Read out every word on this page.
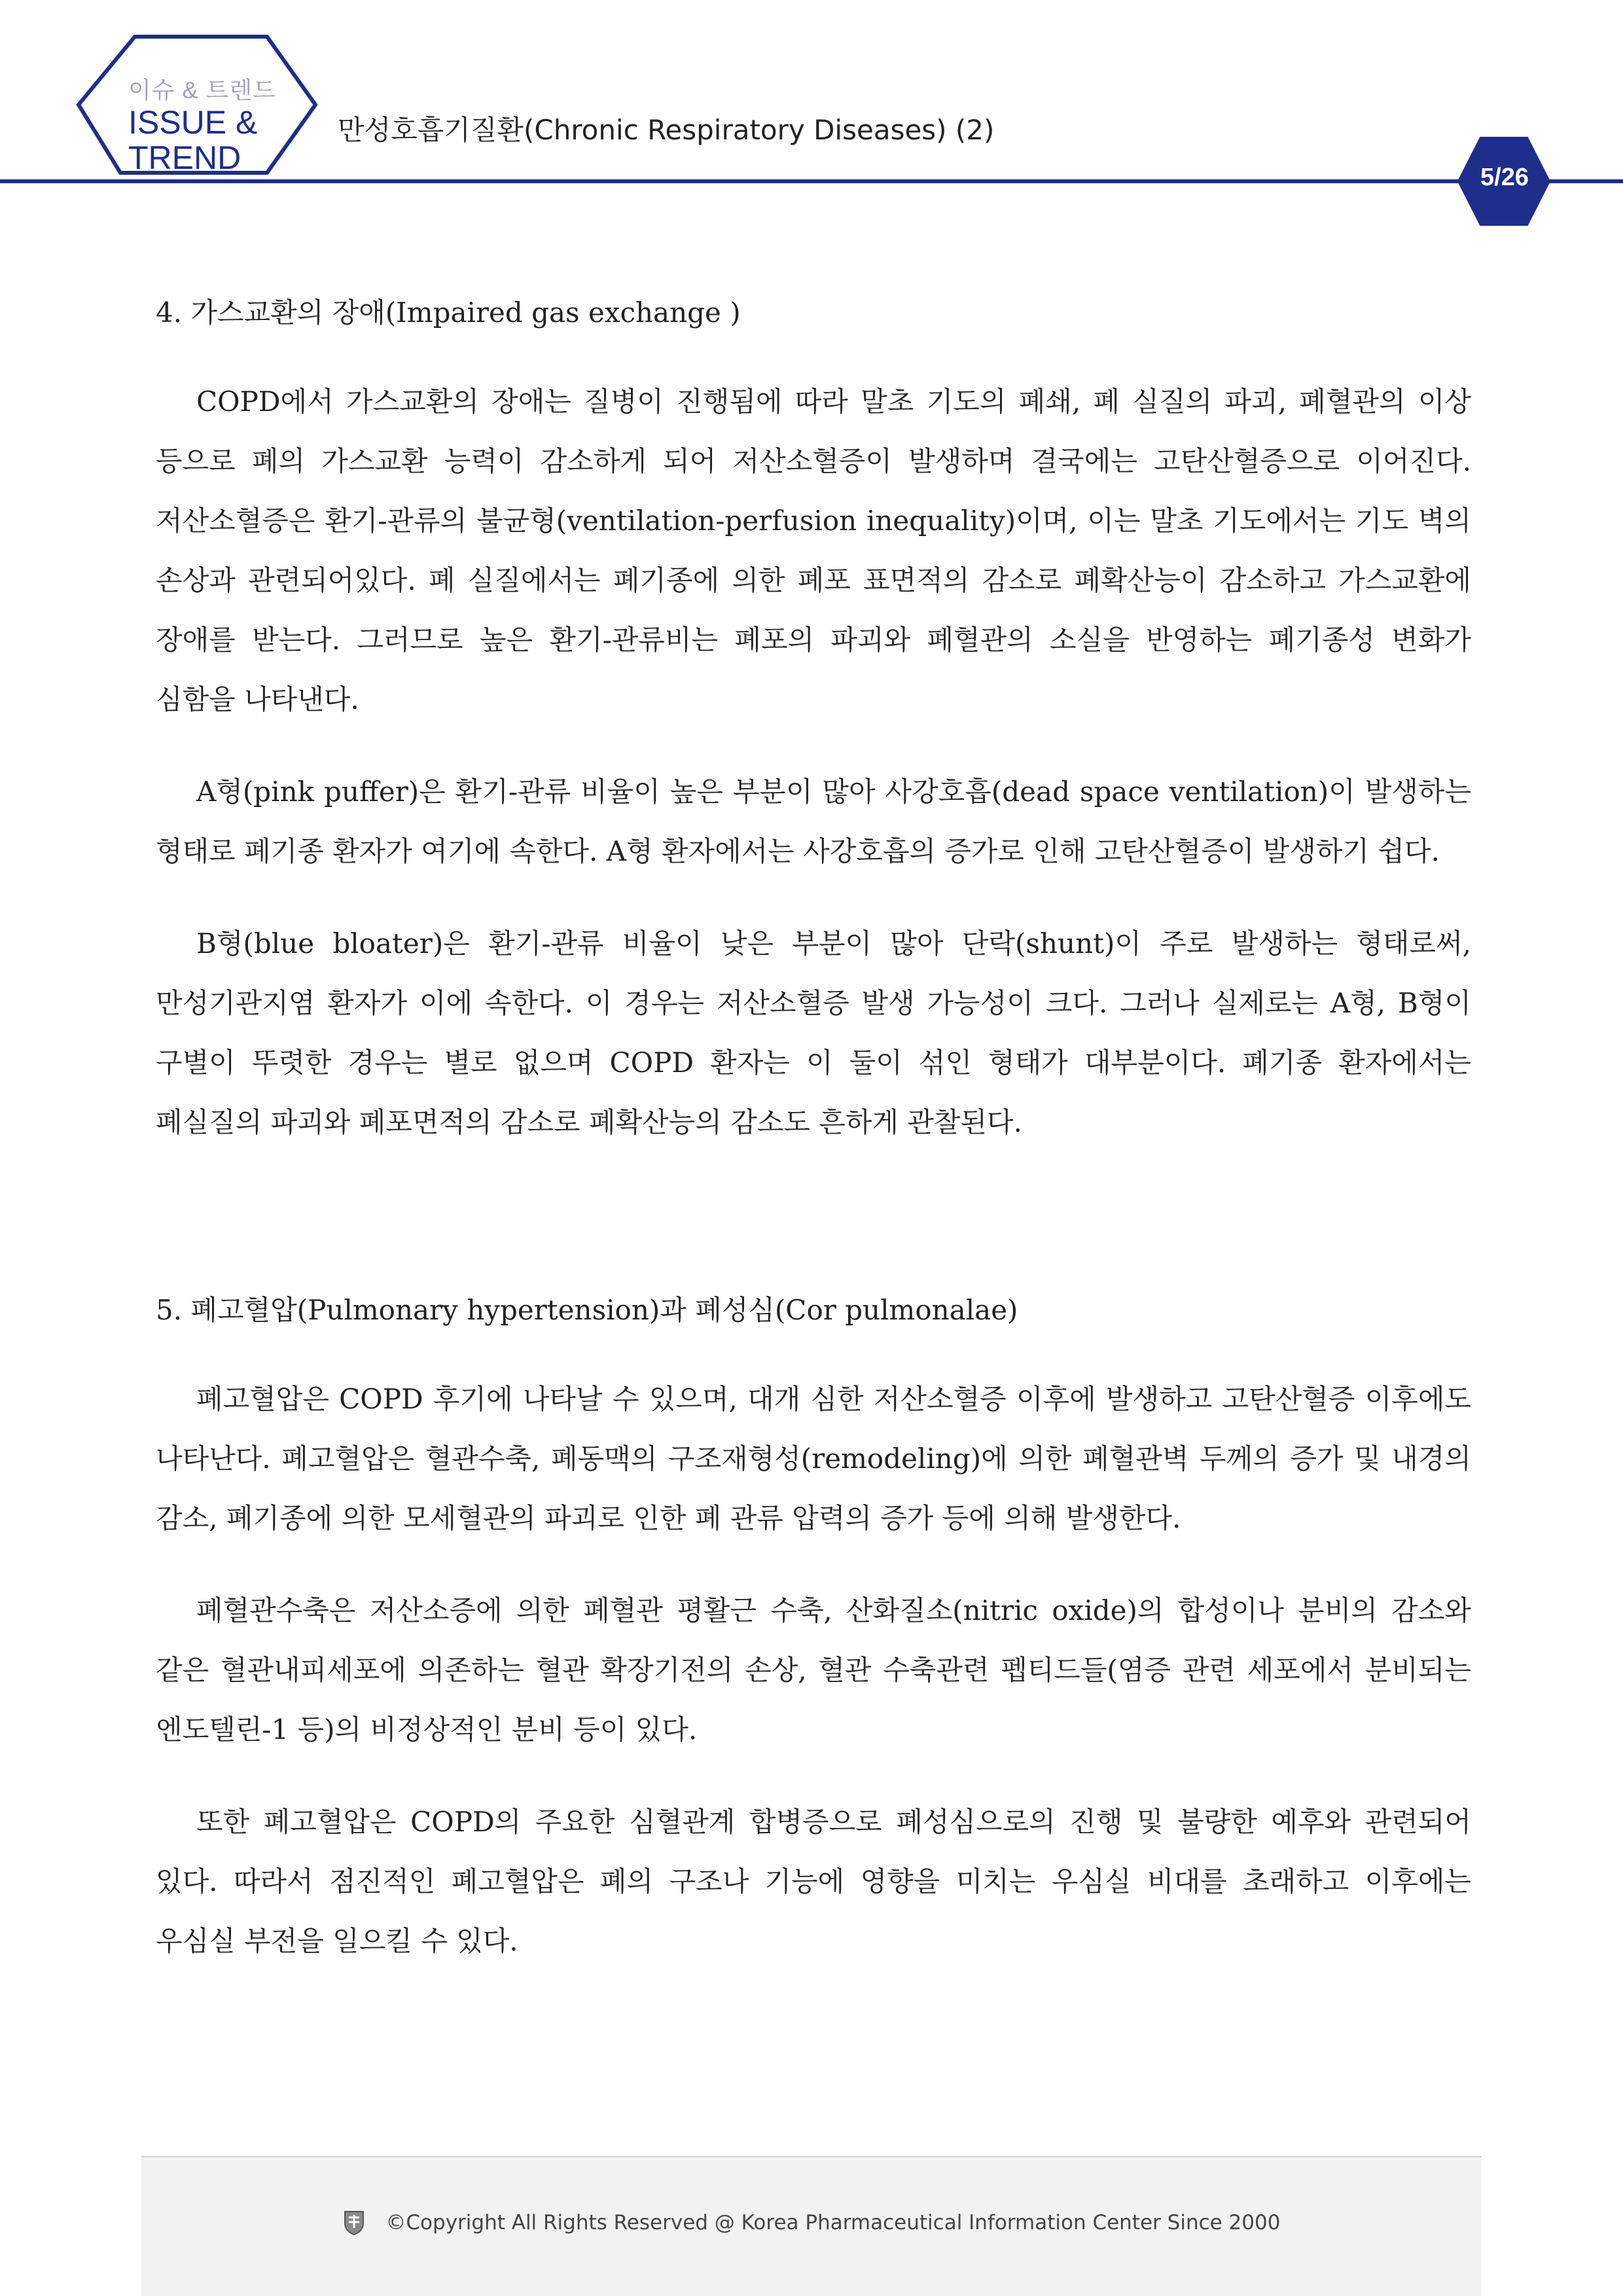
이슈 & 트렌드
ISSUE &
TREND
만성호흡기질환(Chronic Respiratory Diseases) (2)
5/26

4. 가스교환의 장애(Impaired gas exchange )

COPD에서 가스교환의 장애는 질병이 진행됨에 따라 말초 기도의 폐쇄, 폐 실질의 파괴, 폐혈관의 이상 등으로 폐의 가스교환 능력이 감소하게 되어 저산소혈증이 발생하며 결국에는 고탄산혈증으로 이어진다. 저산소혈증은 환기-관류의 불균형(ventilation-perfusion inequality)이며, 이는 말초 기도에서는 기도 벽의 손상과 관련되어있다. 폐 실질에서는 폐기종에 의한 폐포 표면적의 감소로 폐확산능이 감소하고 가스교환에 장애를 받는다. 그러므로 높은 환기-관류비는 폐포의 파괴와 폐혈관의 소실을 반영하는 폐기종성 변화가 심함을 나타낸다.

A형(pink puffer)은 환기-관류 비율이 높은 부분이 많아 사강호흡(dead space ventilation)이 발생하는 형태로 폐기종 환자가 여기에 속한다. A형 환자에서는 사강호흡의 증가로 인해 고탄산혈증이 발생하기 쉽다.

B형(blue bloater)은 환기-관류 비율이 낮은 부분이 많아 단락(shunt)이 주로 발생하는 형태로써, 만성기관지염 환자가 이에 속한다. 이 경우는 저산소혈증 발생 가능성이 크다. 그러나 실제로는 A형, B형이 구별이 뚜렷한 경우는 별로 없으며 COPD 환자는 이 둘이 섞인 형태가 대부분이다. 폐기종 환자에서는 폐실질의 파괴와 폐포면적의 감소로 폐확산능의 감소도 흔하게 관찰된다.

5. 폐고혈압(Pulmonary hypertension)과 폐성심(Cor pulmonalae)

폐고혈압은 COPD 후기에 나타날 수 있으며, 대개 심한 저산소혈증 이후에 발생하고 고탄산혈증 이후에도 나타난다. 폐고혈압은 혈관수축, 폐동맥의 구조재형성(remodeling)에 의한 폐혈관벽 두께의 증가 및 내경의 감소, 폐기종에 의한 모세혈관의 파괴로 인한 폐 관류 압력의 증가 등에 의해 발생한다.

폐혈관수축은 저산소증에 의한 폐혈관 평활근 수축, 산화질소(nitric oxide)의 합성이나 분비의 감소와 같은 혈관내피세포에 의존하는 혈관 확장기전의 손상, 혈관 수축관련 펩티드들(염증 관련 세포에서 분비되는 엔도텔린-1 등)의 비정상적인 분비 등이 있다.

또한 폐고혈압은 COPD의 주요한 심혈관계 합병증으로 폐성심으로의 진행 및 불량한 예후와 관련되어 있다. 따라서 점진적인 폐고혈압은 폐의 구조나 기능에 영향을 미치는 우심실 비대를 초래하고 이후에는 우심실 부전을 일으킬 수 있다.

©Copyright All Rights Reserved @ Korea Pharmaceutical Information Center Since 2000
